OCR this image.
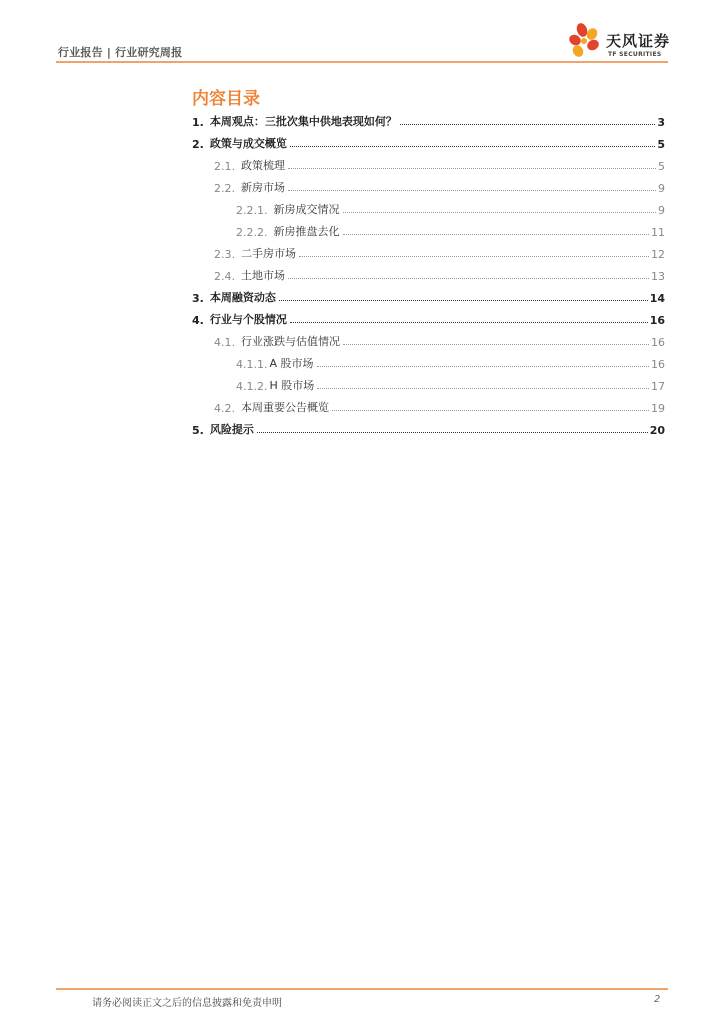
行业报告 | 行业研究周报
天风证券
TF SECURITIES
内容目录
1. 本周观点：三批次集中供地表现如何？	3
2. 政策与成交概览	5
2.1. 政策梳理	5
2.2. 新房市场	9
2.2.1. 新房成交情况	9
2.2.2. 新房推盘去化	11
2.3. 二手房市场	12
2.4. 土地市场	13
3. 本周融资动态	14
4. 行业与个股情况	16
4.1. 行业涨跌与估值情况	16
4.1.1. A 股市场	16
4.1.2. H 股市场	17
4.2. 本周重要公告概览	19
5. 风险提示	20
请务必阅读正文之后的信息披露和免责申明	2
